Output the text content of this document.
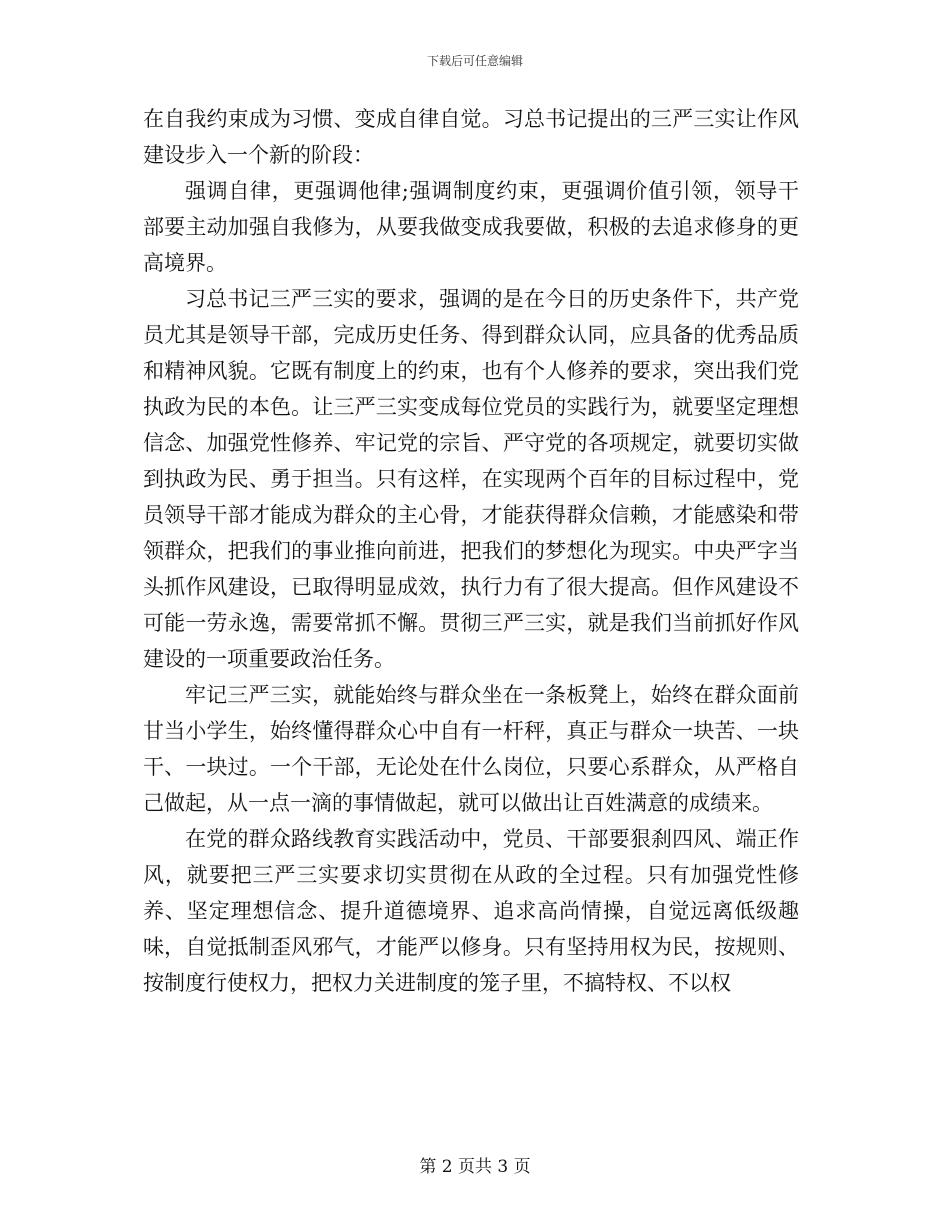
下载后可任意编辑

在自我约束成为习惯、变成自律自觉。习总书记提出的三严三实让作风建设步入一个新的阶段：

强调自律，更强调他律;强调制度约束，更强调价值引领，领导干部要主动加强自我修为，从要我做变成我要做，积极的去追求修身的更高境界。

习总书记三严三实的要求，强调的是在今日的历史条件下，共产党员尤其是领导干部，完成历史任务、得到群众认同，应具备的优秀品质和精神风貌。它既有制度上的约束，也有个人修养的要求，突出我们党执政为民的本色。让三严三实变成每位党员的实践行为，就要坚定理想信念、加强党性修养、牢记党的宗旨、严守党的各项规定，就要切实做到执政为民、勇于担当。只有这样，在实现两个百年的目标过程中，党员领导干部才能成为群众的主心骨，才能获得群众信赖，才能感染和带领群众，把我们的事业推向前进，把我们的梦想化为现实。中央严字当头抓作风建设，已取得明显成效，执行力有了很大提高。但作风建设不可能一劳永逸，需要常抓不懈。贯彻三严三实，就是我们当前抓好作风建设的一项重要政治任务。

牢记三严三实，就能始终与群众坐在一条板凳上，始终在群众面前甘当小学生，始终懂得群众心中自有一杆秤，真正与群众一块苦、一块干、一块过。一个干部，无论处在什么岗位，只要心系群众，从严格自己做起，从一点一滴的事情做起，就可以做出让百姓满意的成绩来。

在党的群众路线教育实践活动中，党员、干部要狠刹四风、端正作风，就要把三严三实要求切实贯彻在从政的全过程。只有加强党性修养、坚定理想信念、提升道德境界、追求高尚情操，自觉远离低级趣味，自觉抵制歪风邪气，才能严以修身。只有坚持用权为民，按规则、按制度行使权力，把权力关进制度的笼子里，不搞特权、不以权

第 2 页共 3 页
